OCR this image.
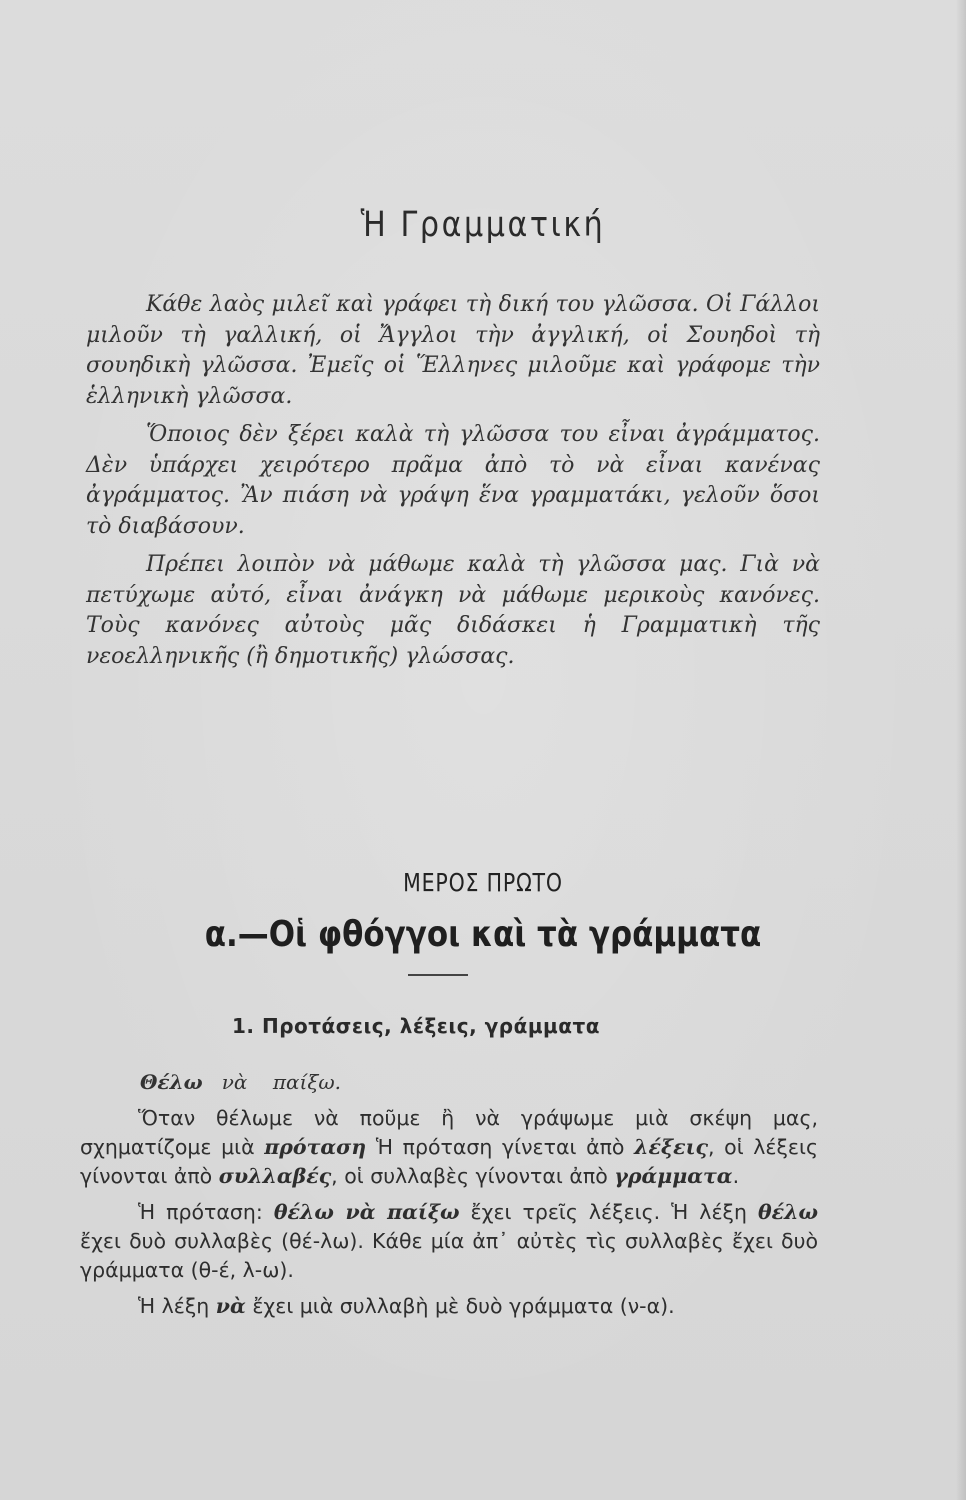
Ἡ Γραμματική

Κάθε λαὸς μιλεῖ καὶ γράφει τὴ δική του γλῶσσα. Οἱ Γάλλοι μιλοῦν τὴ γαλλική, οἱ Ἄγγλοι τὴν ἀγγλική, οἱ Σουηδοὶ τὴ σουηδικὴ γλῶσσα. Ἐμεῖς οἱ Ἕλληνες μιλοῦμε καὶ γράφομε τὴν ἑλληνικὴ γλῶσσα.

Ὅποιος δὲν ξέρει καλὰ τὴ γλῶσσα του εἶναι ἀγράμματος. Δὲν ὑπάρχει χειρότερο πρᾶμα ἀπὸ τὸ νὰ εἶναι κανένας ἀγράμματος. Ἂν πιάση νὰ γράψη ἕνα γραμματάκι, γελοῦν ὅσοι τὸ διαβάσουν.

Πρέπει λοιπὸν νὰ μάθωμε καλὰ τὴ γλῶσσα μας. Γιὰ νὰ πετύχωμε αὐτό, εἶναι ἀνάγκη νὰ μάθωμε μερικοὺς κανόνες. Τοὺς κανόνες αὐτοὺς μᾶς διδάσκει ἡ Γραμματικὴ τῆς νεοελληνικῆς (ἢ δημοτικῆς) γλώσσας.

ΜΕΡΟΣ ΠΡΩΤΟ
α.—Οἱ φθόγγοι καὶ τὰ γράμματα
1. Προτάσεις, λέξεις, γράμματα
Θέλω νὰ παίξω.

Ὅταν θέλωμε νὰ ποῦμε ἢ νὰ γράψωμε μιὰ σκέψη μας, σχηματίζομε μιὰ πρόταση Ἡ πρόταση γίνεται ἀπὸ λέξεις, οἱ λέξεις γίνονται ἀπὸ συλλαβές, οἱ συλλαβὲς γίνονται ἀπὸ γράμματα.

Ἡ πρόταση: θέλω νὰ παίξω ἔχει τρεῖς λέξεις. Ἡ λέξη θέλω ἔχει δυὸ συλλαβὲς (θέ-λω). Κάθε μία ἀπ᾽ αὐτὲς τὶς συλλαβὲς ἔχει δυὸ γράμματα (θ-έ, λ-ω).

Ἡ λέξη νὰ ἔχει μιὰ συλλαβὴ μὲ δυὸ γράμματα (ν-α).
